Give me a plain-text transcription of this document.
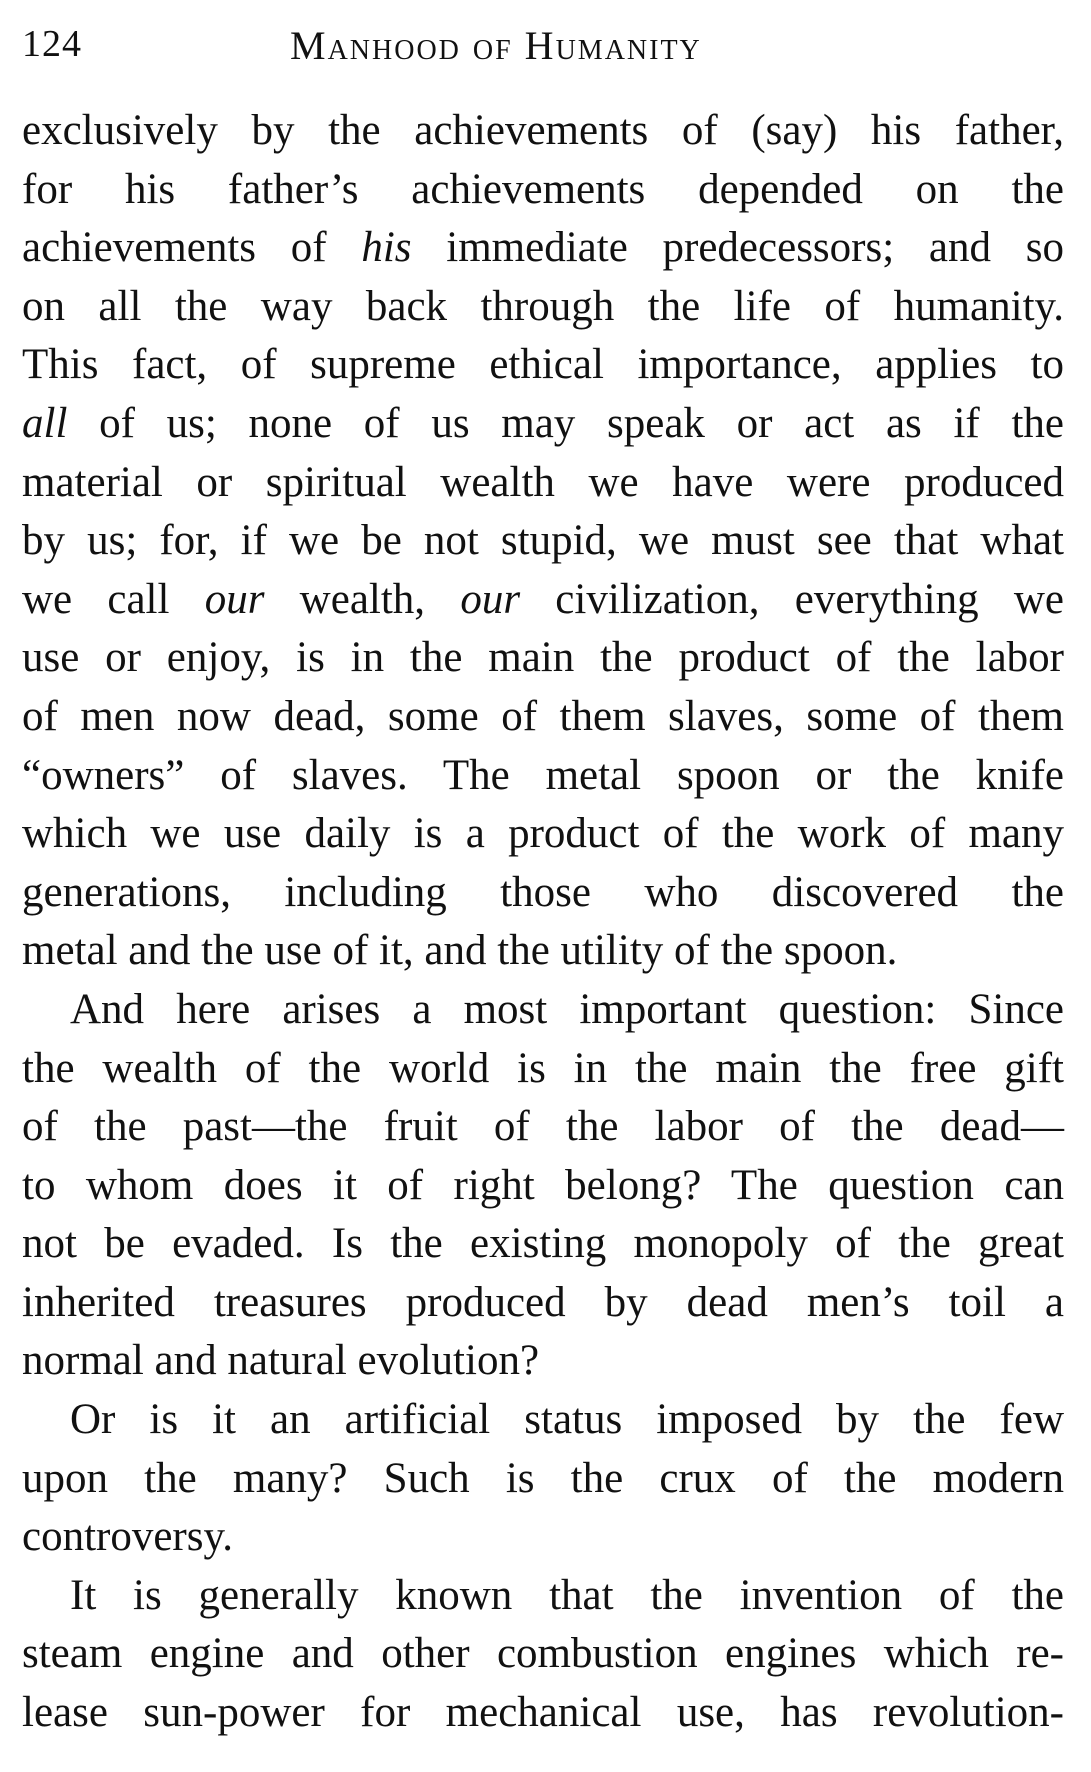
124	Manhood of Humanity
exclusively by the achievements of (say) his father,
for his father’s achievements depended on the
achievements of his immediate predecessors; and so
on all the way back through the life of humanity.
This fact, of supreme ethical importance, applies to
all of us; none of us may speak or act as if the
material or spiritual wealth we have were produced
by us; for, if we be not stupid, we must see that what
we call our wealth, our civilization, everything we
use or enjoy, is in the main the product of the labor
of men now dead, some of them slaves, some of them
“owners” of slaves. The metal spoon or the knife
which we use daily is a product of the work of many
generations, including those who discovered the
metal and the use of it, and the utility of the spoon.
And here arises a most important question: Since
the wealth of the world is in the main the free gift
of the past—the fruit of the labor of the dead—
to whom does it of right belong? The question can
not be evaded. Is the existing monopoly of the great
inherited treasures produced by dead men’s toil a
normal and natural evolution?
Or is it an artificial status imposed by the few
upon the many? Such is the crux of the modern
controversy.
It is generally known that the invention of the
steam engine and other combustion engines which re-
lease sun-power for mechanical use, has revolution-
